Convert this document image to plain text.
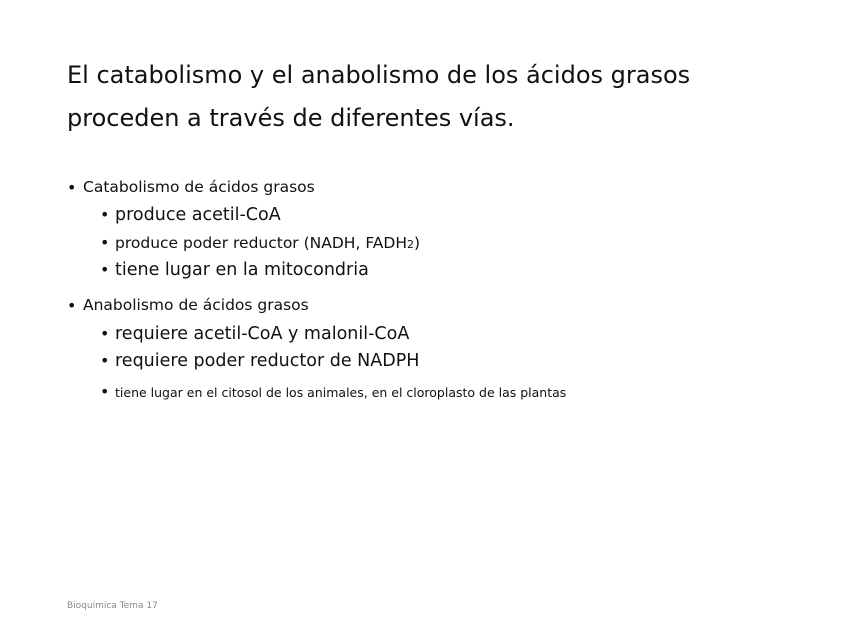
El catabolismo y el anabolismo de los ácidos grasos
proceden a través de diferentes vías.
• Catabolismo de ácidos grasos
• produce acetil-CoA
• produce poder reductor (NADH, FADH2)
• tiene lugar en la mitocondria
• Anabolismo de ácidos grasos
• requiere acetil-CoA y malonil-CoA
• requiere poder reductor de NADPH
• tiene lugar en el citosol de los animales, en el cloroplasto de las plantas
Bioquímica Tema 17
